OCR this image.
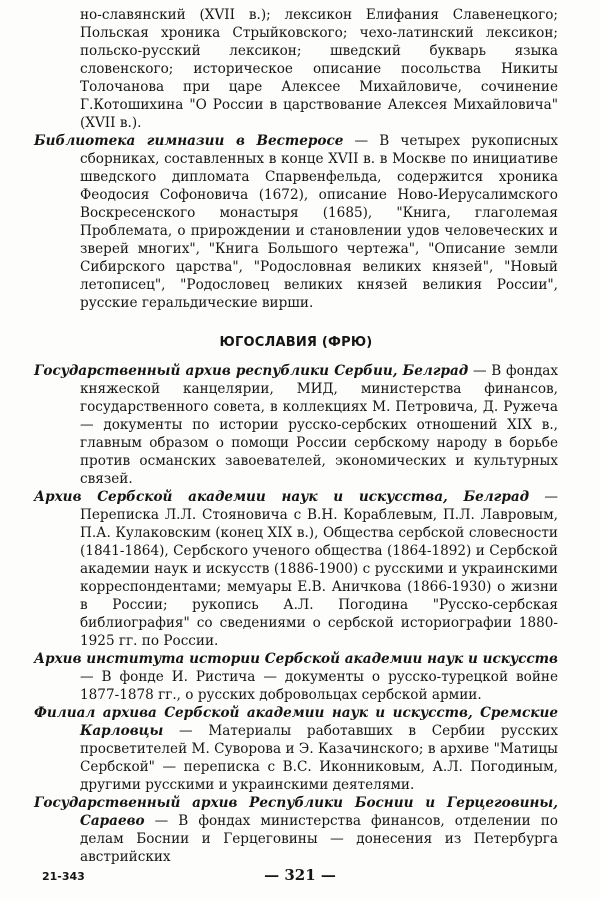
но-славянский (XVII в.); лексикон Елифания Славенецкого; Польская хроника Стрыйковского; чехо-латинский лексикон; польско-русский лексикон; шведский букварь языка словенского; историческое описание посольства Никиты Толочанова при царе Алексее Михайловиче, сочинение Г.Котошихина "О России в царствование Алексея Михайловича" (XVII в.).

Библиотека гимназии в Вестеросе — В четырех рукописных сборниках, составленных в конце XVII в. в Москве по инициативе шведского дипломата Спарвенфельда, содержится хроника Феодосия Софоновича (1672), описание Ново-Иерусалимского Воскресенского монастыря (1685), "Книга, глаголемая Проблемата, о прирождении и становлении удов человеческих и зверей многих", "Книга Большого чертежа", "Описание земли Сибирского царства", "Родословная великих князей", "Новый летописец", "Родословец великих князей великия России", русские геральдические вирши.

ЮГОСЛАВИЯ (ФРЮ)

Государственный архив республики Сербии, Белград — В фондах княжеской канцелярии, МИД, министерства финансов, государственного совета, в коллекциях М. Петровича, Д. Ружеча — документы по истории русско-сербских отношений XIX в., главным образом о помощи России сербскому народу в борьбе против османских завоевателей, экономических и культурных связей.

Архив Сербской академии наук и искусства, Белград — Переписка Л.Л. Стояновича с В.Н. Кораблевым, П.Л. Лавровым, П.А. Кулаковским (конец XIX в.), Общества сербской словесности (1841-1864), Сербского ученого общества (1864-1892) и Сербской академии наук и искусств (1886-1900) с русскими и украинскими корреспондентами; мемуары Е.В. Аничкова (1866-1930) о жизни в России; рукопись А.Л. Погодина "Русско-сербская библиография" со сведениями о сербской историографии 1880-1925 гг. по России.

Архив института истории Сербской академии наук и искусств — В фонде И. Ристича — документы о русско-турецкой войне 1877-1878 гг., о русских добровольцах сербской армии.

Филиал архива Сербской академии наук и искусств, Сремские Карловцы — Материалы работавших в Сербии русских просветителей М. Суворова и Э. Казачинского; в архиве "Матицы Сербской" — переписка с В.С. Иконниковым, А.Л. Погодиным, другими русскими и украинскими деятелями.

Государственный архив Республики Боснии и Герцеговины, Сараево — В фондах министерства финансов, отделении по делам Боснии и Герцеговины — донесения из Петербурга австрийских

21-343	— 321 —
